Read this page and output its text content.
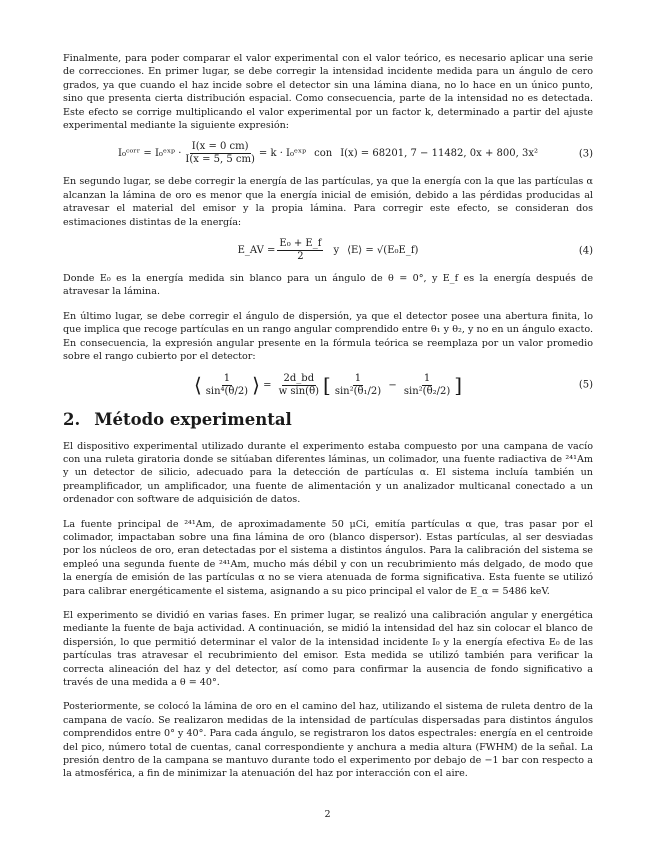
Finalmente, para poder comparar el valor experimental con el valor teórico, es necesario aplicar una serie de correcciones. En primer lugar, se debe corregir la intensidad incidente medida para un ángulo de cero grados, ya que cuando el haz incide sobre el detector sin una lámina diana, no lo hace en un único punto, sino que presenta cierta distribución espacial. Como consecuencia, parte de la intensidad no es detectada. Este efecto se corrige multiplicando el valor experimental por un factor k, determinado a partir del ajuste experimental mediante la siguiente expresión:

I₀ᶜᵒʳʳ = I₀ᵉˣᵖ · $\frac{I(x = 0 cm)}{I(x = 5, 5 cm)} = k$ · I₀ᵉˣᵖ con I(x) = 68201, 7 − 11482, 0x + 800, 3x²	(3)

En segundo lugar, se debe corregir la energía de las partículas, ya que la energía con la que las partículas α alcanzan la lámina de oro es menor que la energía inicial de emisión, debido a las pérdidas producidas al atravesar el material del emisor y la propia lámina. Para corregir este efecto, se consideran dos estimaciones distintas de la energía:

E_AV = $\frac{\text{E₀ + E\_f}}{2}$ y ⟨E⟩ = √(E₀E_f)	(4)

Donde E₀ es la energía medida sin blanco para un ángulo de θ = 0°, y E_f es la energía después de atravesar la lámina.

En último lugar, se debe corregir el ángulo de dispersión, ya que el detector posee una abertura finita, lo que implica que recoge partículas en un rango angular comprendido entre θ₁ y θ₂, y no en un ángulo exacto. En consecuencia, la expresión angular presente en la fórmula teórica se reemplaza por un valor promedio sobre el rango cubierto por el detector:

⟨ $\frac{1}{\text{sin⁴(θ/2)}}$ ⟩ = $\frac{2d\_bd}{\text{w sin(θ)}}$ [ $\frac{1}{\text{sin²(θ₁/2)}} - \frac{1}{\text{sin²(θ₂/2)}}$ ]	(5)
2. Método experimental

El dispositivo experimental utilizado durante el experimento estaba compuesto por una campana de vacío con una ruleta giratoria donde se sitúaban diferentes láminas, un colimador, una fuente radiactiva de ²⁴¹Am y un detector de silicio, adecuado para la detección de partículas α. El sistema incluía también un preamplificador, un amplificador, una fuente de alimentación y un analizador multicanal conectado a un ordenador con software de adquisición de datos.

La fuente principal de ²⁴¹Am, de aproximadamente 50 μCi, emitía partículas α que, tras pasar por el colimador, impactaban sobre una fina lámina de oro (blanco dispersor). Estas partículas, al ser desviadas por los núcleos de oro, eran detectadas por el sistema a distintos ángulos. Para la calibración del sistema se empleó una segunda fuente de ²⁴¹Am, mucho más débil y con un recubrimiento más delgado, de modo que la energía de emisión de las partículas α no se viera atenuada de forma significativa. Esta fuente se utilizó para calibrar energéticamente el sistema, asignando a su pico principal el valor de E_α = 5486 keV.

El experimento se dividió en varias fases. En primer lugar, se realizó una calibración angular y energética mediante la fuente de baja actividad. A continuación, se midió la intensidad del haz sin colocar el blanco de dispersión, lo que permitió determinar el valor de la intensidad incidente I₀ y la energía efectiva E₀ de las partículas tras atravesar el recubrimiento del emisor. Esta medida se utilizó también para verificar la correcta alineación del haz y del detector, así como para confirmar la ausencia de fondo significativo a través de una medida a θ = 40°.

Posteriormente, se colocó la lámina de oro en el camino del haz, utilizando el sistema de ruleta dentro de la campana de vacío. Se realizaron medidas de la intensidad de partículas dispersadas para distintos ángulos comprendidos entre 0° y 40°. Para cada ángulo, se registraron los datos espectrales: energía en el centroide del pico, número total de cuentas, canal correspondiente y anchura a media altura (FWHM) de la señal. La presión dentro de la campana se mantuvo durante todo el experimento por debajo de −1 bar con respecto a la atmosférica, a fin de minimizar la atenuación del haz por interacción con el aire.

2
